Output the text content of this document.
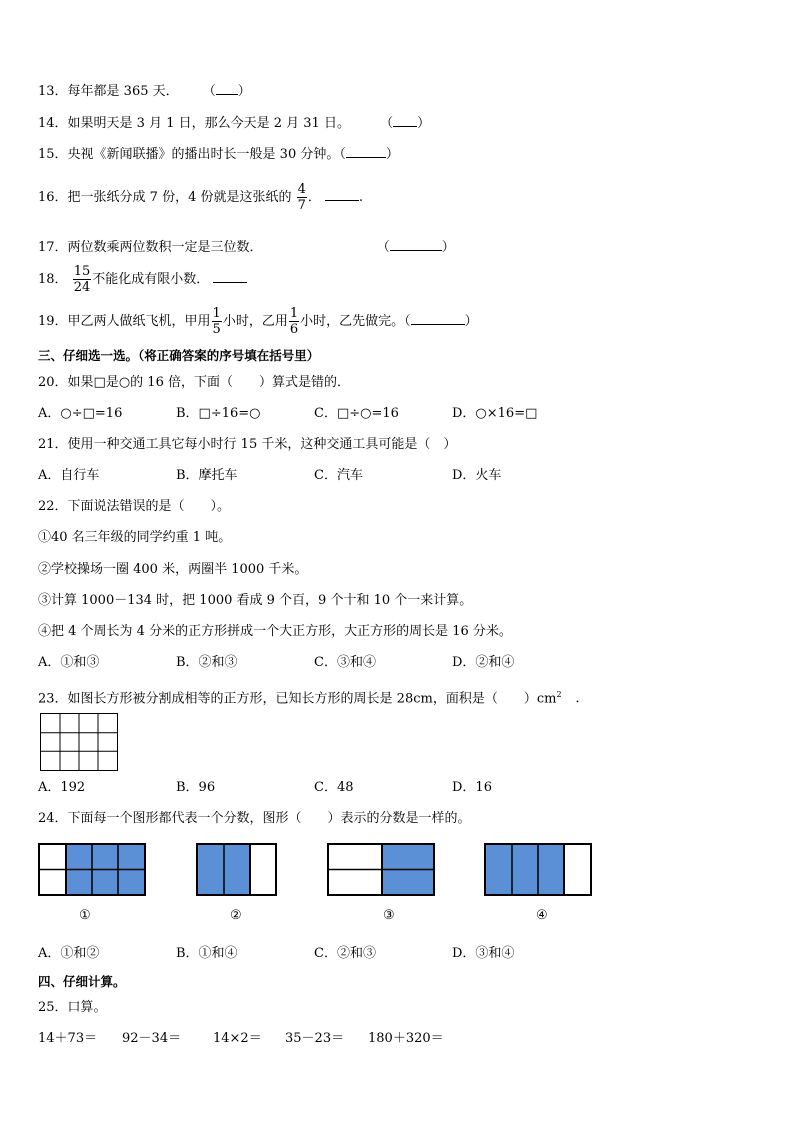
13．每年都是 365 天． （ ）
14．如果明天是 3 月 1 日，那么今天是 2 月 31 日。 （ ）
15．央视《新闻联播》的播出时长一般是 30 分钟。（	）
16．把一张纸分成 7 份，4 份就是这张纸的 $\frac{4}{7}$ ．	.
17．两位数乘两位数积一定是三位数．	（	）
18． $\frac{15}{24}$ 不能化成有限小数．
19．甲乙两人做纸飞机，甲用 $\frac{1}{5}$ 小时，乙用 $\frac{1}{6}$ 小时，乙先做完。（	）
三、仔细选一选。（将正确答案的序号填在括号里）
20．如果□是○的 16 倍，下面（　　）算式是错的．
A．○÷□=16	B．□÷16=○	C．□÷○=16	D．○×16=□
21．使用一种交通工具它每小时行 15 千米，这种交通工具可能是（　）
A．自行车	B．摩托车	C．汽车	D．火车
22．下面说法错误的是（　　）。
①40 名三年级的同学约重 1 吨。
②学校操场一圈 400 米，两圈半 1000 千米。
③计算 1000－134 时，把 1000 看成 9 个百，9 个十和 10 个一来计算。
④把 4 个周长为 4 分米的正方形拼成一个大正方形，大正方形的周长是 16 分米。
A．①和③	B．②和③	C．③和④	D．②和④
23．如图长方形被分割成相等的正方形，已知长方形的周长是 28cm，面积是（　　）$cm^2$ ．
A．192	B．96	C．48	D．16
24．下面每一个图形都代表一个分数，图形（　　）表示的分数是一样的。
①	②	③	④
A．①和②	B．①和④	C．②和③	D．③和④
四、仔细计算。
25．口算。
14＋73＝ 92－34＝ 14×2＝ 35－23＝ 180＋320＝
